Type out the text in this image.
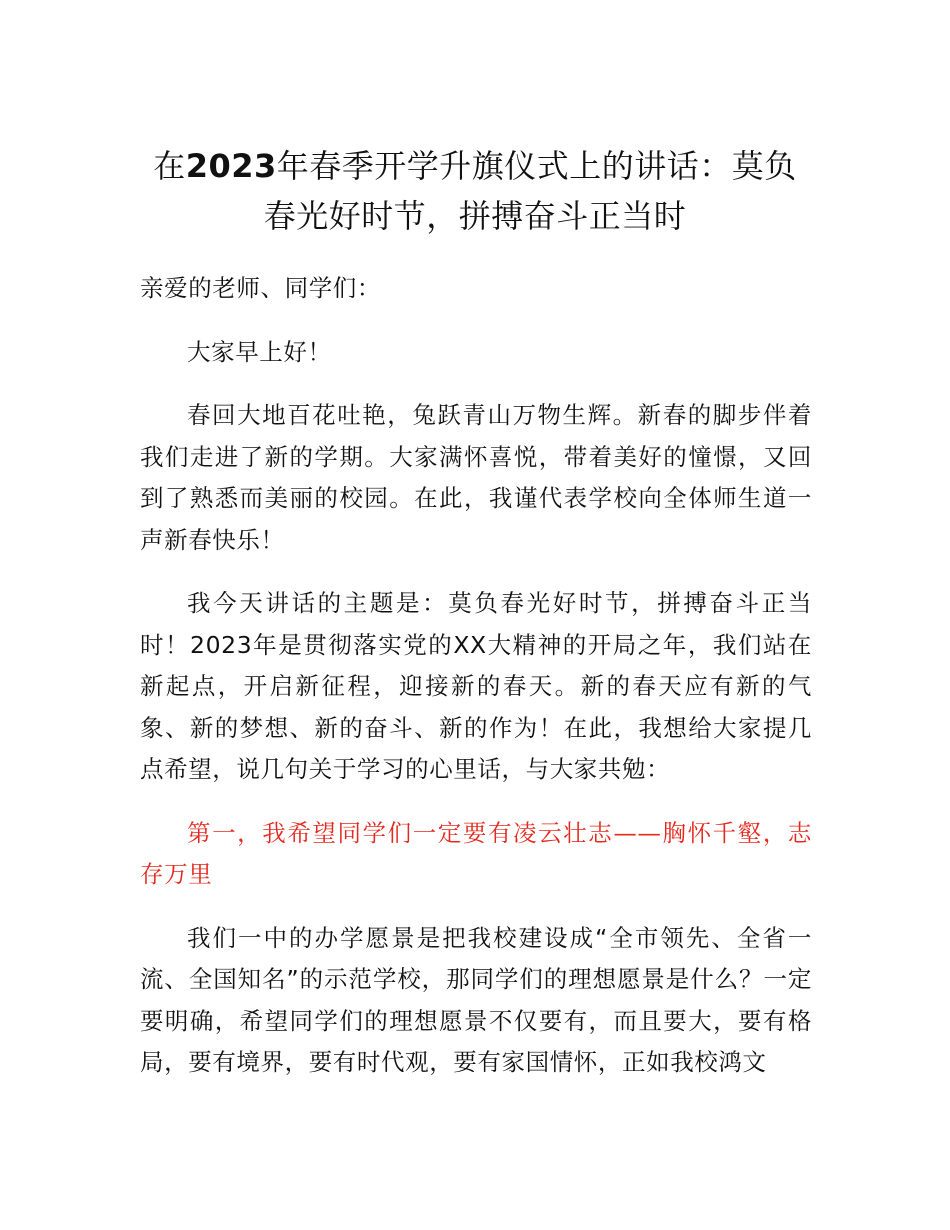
在2023年春季开学升旗仪式上的讲话：莫负春光好时节，拼搏奋斗正当时

亲爱的老师、同学们：

大家早上好！

春回大地百花吐艳，兔跃青山万物生辉。新春的脚步伴着我们走进了新的学期。大家满怀喜悦，带着美好的憧憬，又回到了熟悉而美丽的校园。在此，我谨代表学校向全体师生道一声新春快乐！

我今天讲话的主题是：莫负春光好时节，拼搏奋斗正当时！2023年是贯彻落实党的XX大精神的开局之年，我们站在新起点，开启新征程，迎接新的春天。新的春天应有新的气象、新的梦想、新的奋斗、新的作为！在此，我想给大家提几点希望，说几句关于学习的心里话，与大家共勉：

第一，我希望同学们一定要有凌云壮志——胸怀千壑，志存万里

我们一中的办学愿景是把我校建设成“全市领先、全省一流、全国知名”的示范学校，那同学们的理想愿景是什么？一定要明确，希望同学们的理想愿景不仅要有，而且要大，要有格局，要有境界，要有时代观，要有家国情怀，正如我校鸿文
